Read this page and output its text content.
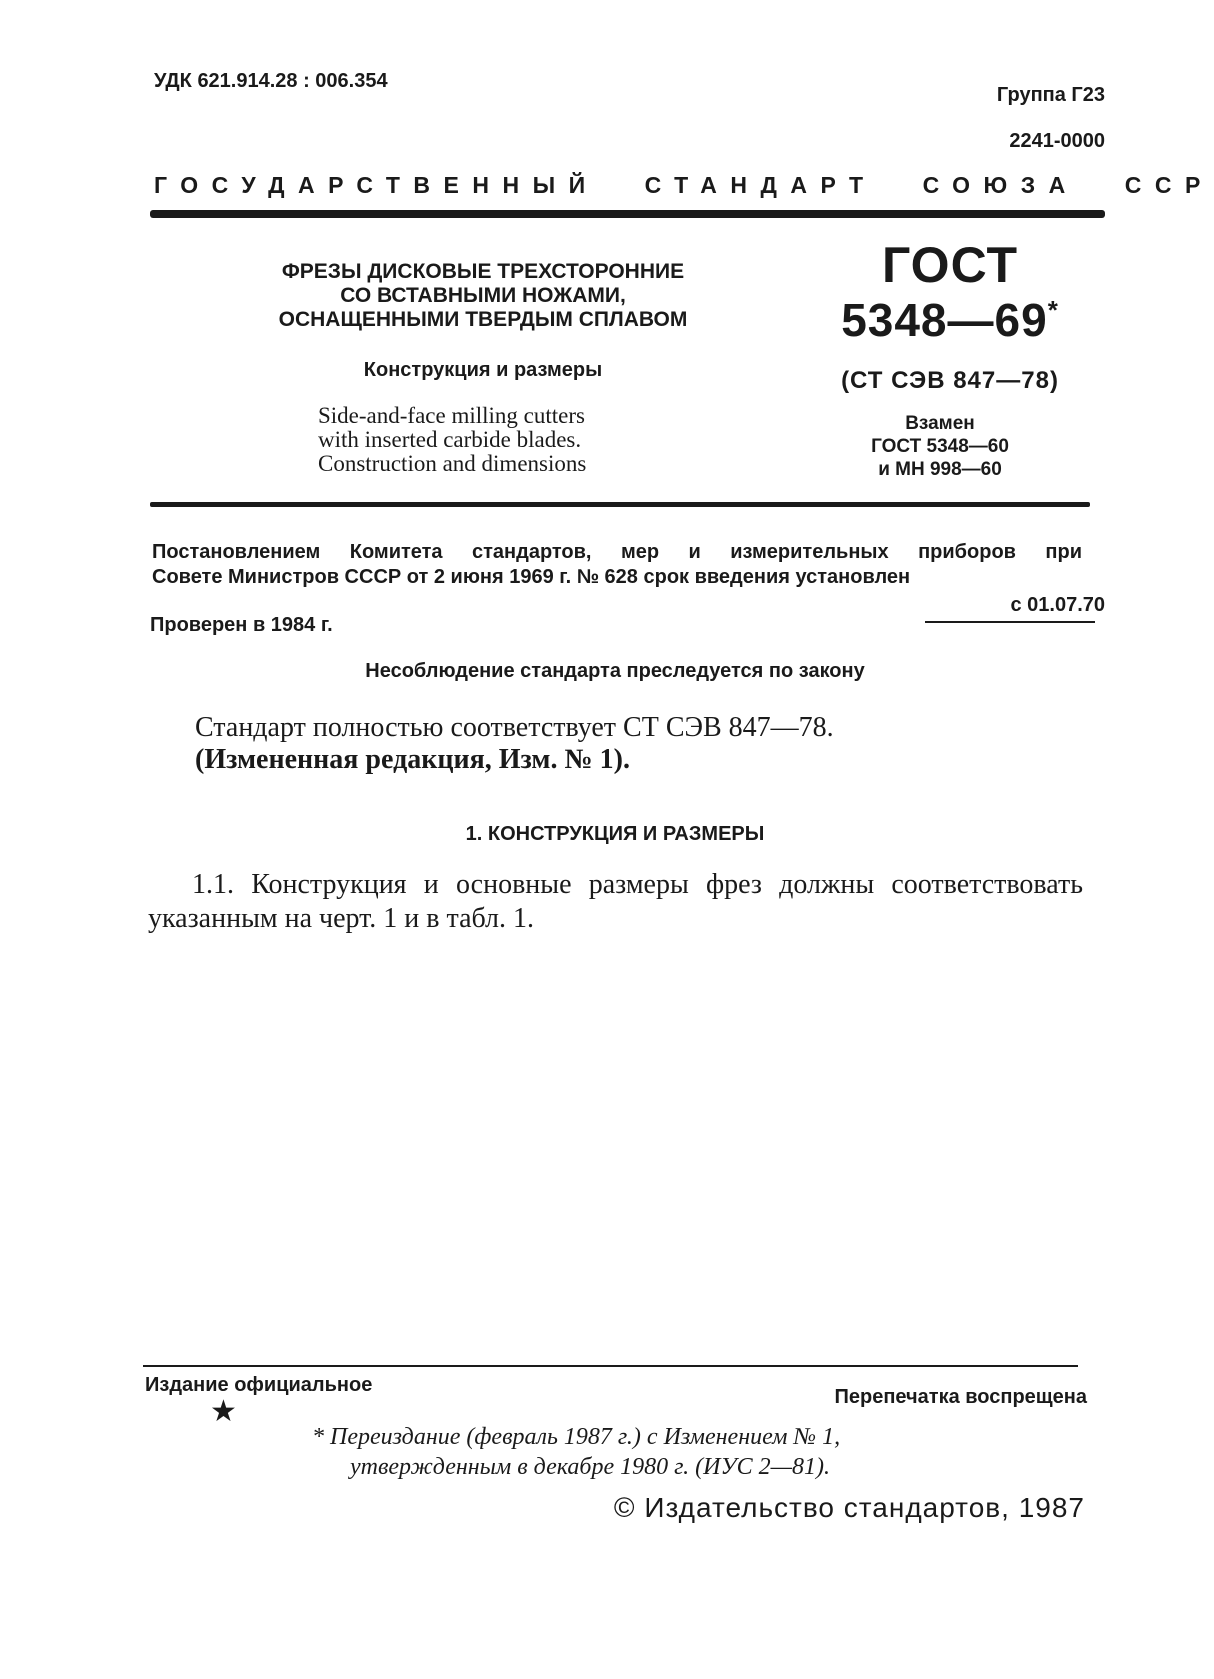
УДК 621.914.28 : 006.354
Группа Г23
2241-0000
ГОСУДАРСТВЕННЫЙ СТАНДАРТ СОЮЗА ССР
ФРЕЗЫ ДИСКОВЫЕ ТРЕХСТОРОННИЕ
СО ВСТАВНЫМИ НОЖАМИ,
ОСНАЩЕННЫМИ ТВЕРДЫМ СПЛАВОМ
Конструкция и размеры
Side-and-face milling cutters
with inserted carbide blades.
Construction and dimensions
ГОСТ
5348—69*
(СТ СЭВ 847—78)
Взамен
ГОСТ 5348—60
и МН 998—60
Постановлением Комитета стандартов, мер и измерительных приборов при
Совете Министров СССР от 2 июня 1969 г. № 628 срок введения установлен
с 01.07.70
Проверен в 1984 г.
Несоблюдение стандарта преследуется по закону
Стандарт полностью соответствует СТ СЭВ 847—78.
(Измененная редакция, Изм. № 1).
1. КОНСТРУКЦИЯ И РАЗМЕРЫ
1.1. Конструкция и основные размеры фрез должны соответствовать указанным на черт. 1 и в табл. 1.
Издание официальное
Перепечатка воспрещена
★
* Переиздание (февраль 1987 г.) с Изменением № 1,
утвержденным в декабре 1980 г. (ИУС 2—81).
© Издательство стандартов, 1987
